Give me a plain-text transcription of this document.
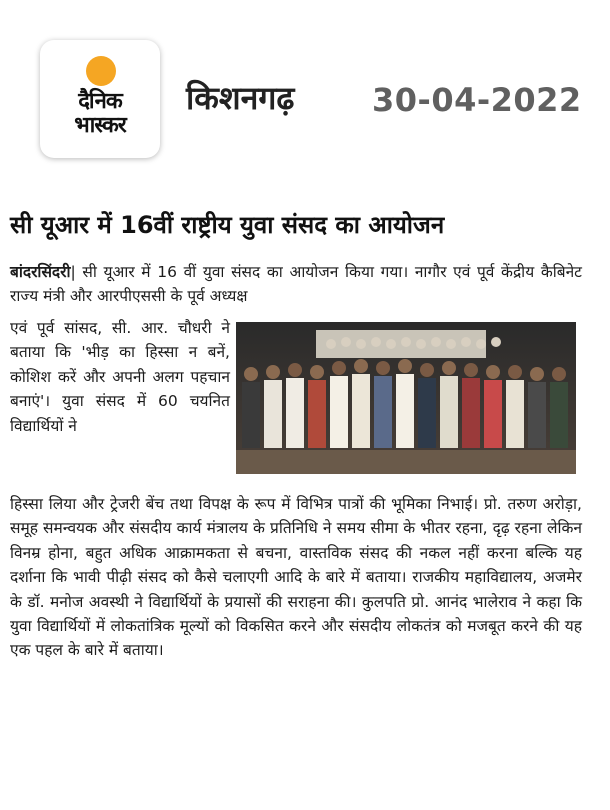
दैनिक
भास्कर
किशनगढ़ 30-04-2022
सी यूआर में 16वीं राष्ट्रीय युवा संसद का आयोजन
बांदरसिंदरी| सी यूआर में 16 वीं युवा संसद का आयोजन किया गया। नागौर एवं पूर्व केंद्रीय कैबिनेट राज्य मंत्री और आरपीएससी के पूर्व अध्यक्ष
एवं पूर्व सांसद, सी. आर. चौधरी ने बताया कि 'भीड़ का हिस्सा न बनें, कोशिश करें और अपनी अलग पहचान बनाएं'। युवा संसद में 60 चयनित विद्यार्थियों ने
हिस्सा लिया और ट्रेजरी बेंच तथा विपक्ष के रूप में विभित्र पात्रों की भूमिका निभाई। प्रो. तरुण अरोड़ा, समूह समन्वयक और संसदीय कार्य मंत्रालय के प्रतिनिधि ने समय सीमा के भीतर रहना, दृढ़ रहना लेकिन विनम्र होना, बहुत अधिक आक्रामकता से बचना, वास्तविक संसद की नकल नहीं करना बल्कि यह दर्शाना कि भावी पीढ़ी संसद को कैसे चलाएगी आदि के बारे में बताया। राजकीय महाविद्यालय, अजमेर के डॉ. मनोज अवस्थी ने विद्यार्थियों के प्रयासों की सराहना की। कुलपति प्रो. आनंद भालेराव ने कहा कि युवा विद्यार्थियों में लोकतांत्रिक मूल्यों को विकसित करने और संसदीय लोकतंत्र को मजबूत करने की यह एक पहल के बारे में बताया।
